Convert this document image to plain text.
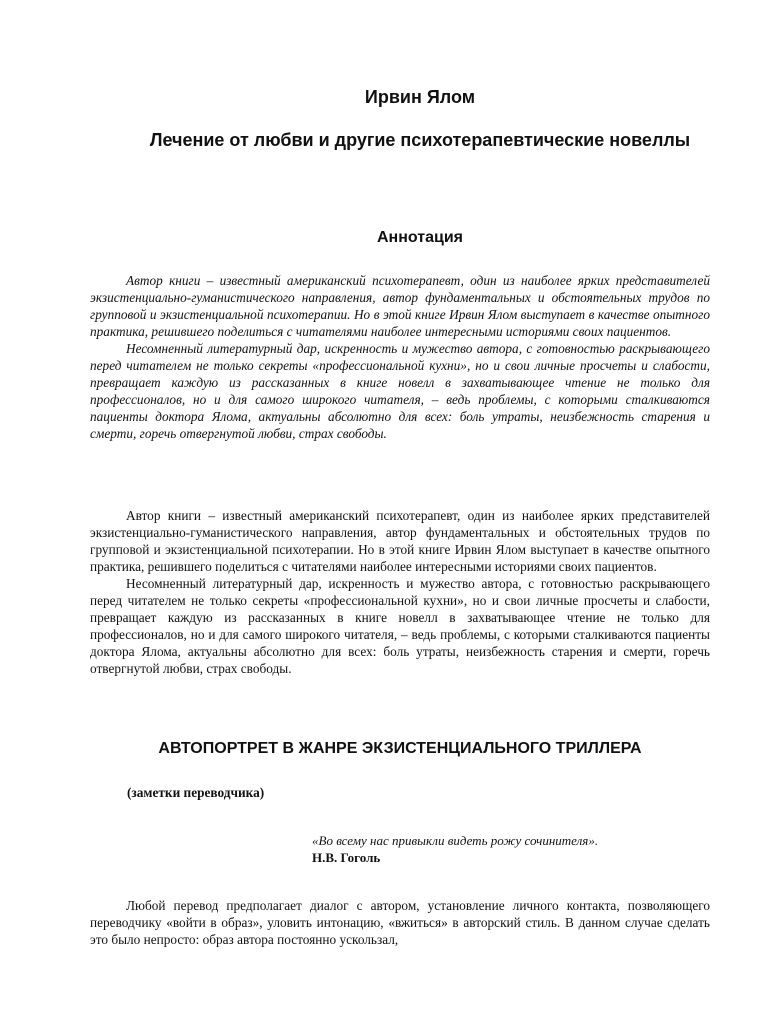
Ирвин Ялом
Лечение от любви и другие психотерапевтические новеллы
Аннотация

Автор книги – известный американский психотерапевт, один из наиболее ярких представителей экзистенциально-гуманистического направления, автор фундаментальных и обстоятельных трудов по групповой и экзистенциальной психотерапии. Но в этой книге Ирвин Ялом выступает в качестве опытного практика, решившего поделиться с читателями наиболее интересными историями своих пациентов.

Несомненный литературный дар, искренность и мужество автора, с готовностью раскрывающего перед читателем не только секреты «профессиональной кухни», но и свои личные просчеты и слабости, превращает каждую из рассказанных в книге новелл в захватывающее чтение не только для профессионалов, но и для самого широкого читателя, – ведь проблемы, с которыми сталкиваются пациенты доктора Ялома, актуальны абсолютно для всех: боль утраты, неизбежность старения и смерти, горечь отвергнутой любви, страх свободы.

Автор книги – известный американский психотерапевт, один из наиболее ярких представителей экзистенциально-гуманистического направления, автор фундаментальных и обстоятельных трудов по групповой и экзистенциальной психотерапии. Но в этой книге Ирвин Ялом выступает в качестве опытного практика, решившего поделиться с читателями наиболее интересными историями своих пациентов.

Несомненный литературный дар, искренность и мужество автора, с готовностью раскрывающего перед читателем не только секреты «профессиональной кухни», но и свои личные просчеты и слабости, превращает каждую из рассказанных в книге новелл в захватывающее чтение не только для профессионалов, но и для самого широкого читателя, – ведь проблемы, с которыми сталкиваются пациенты доктора Ялома, актуальны абсолютно для всех: боль утраты, неизбежность старения и смерти, горечь отвергнутой любви, страх свободы.

АВТОПОРТРЕТ В ЖАНРЕ ЭКЗИСТЕНЦИАЛЬНОГО ТРИЛЛЕРА
(заметки переводчика)
«Во всему нас привыкли видеть рожу сочинителя».
Н.В. Гоголь

Любой перевод предполагает диалог с автором, установление личного контакта, позволяющего переводчику «войти в образ», уловить интонацию, «вжиться» в авторский стиль. В данном случае сделать это было непросто: образ автора постоянно ускользал,
